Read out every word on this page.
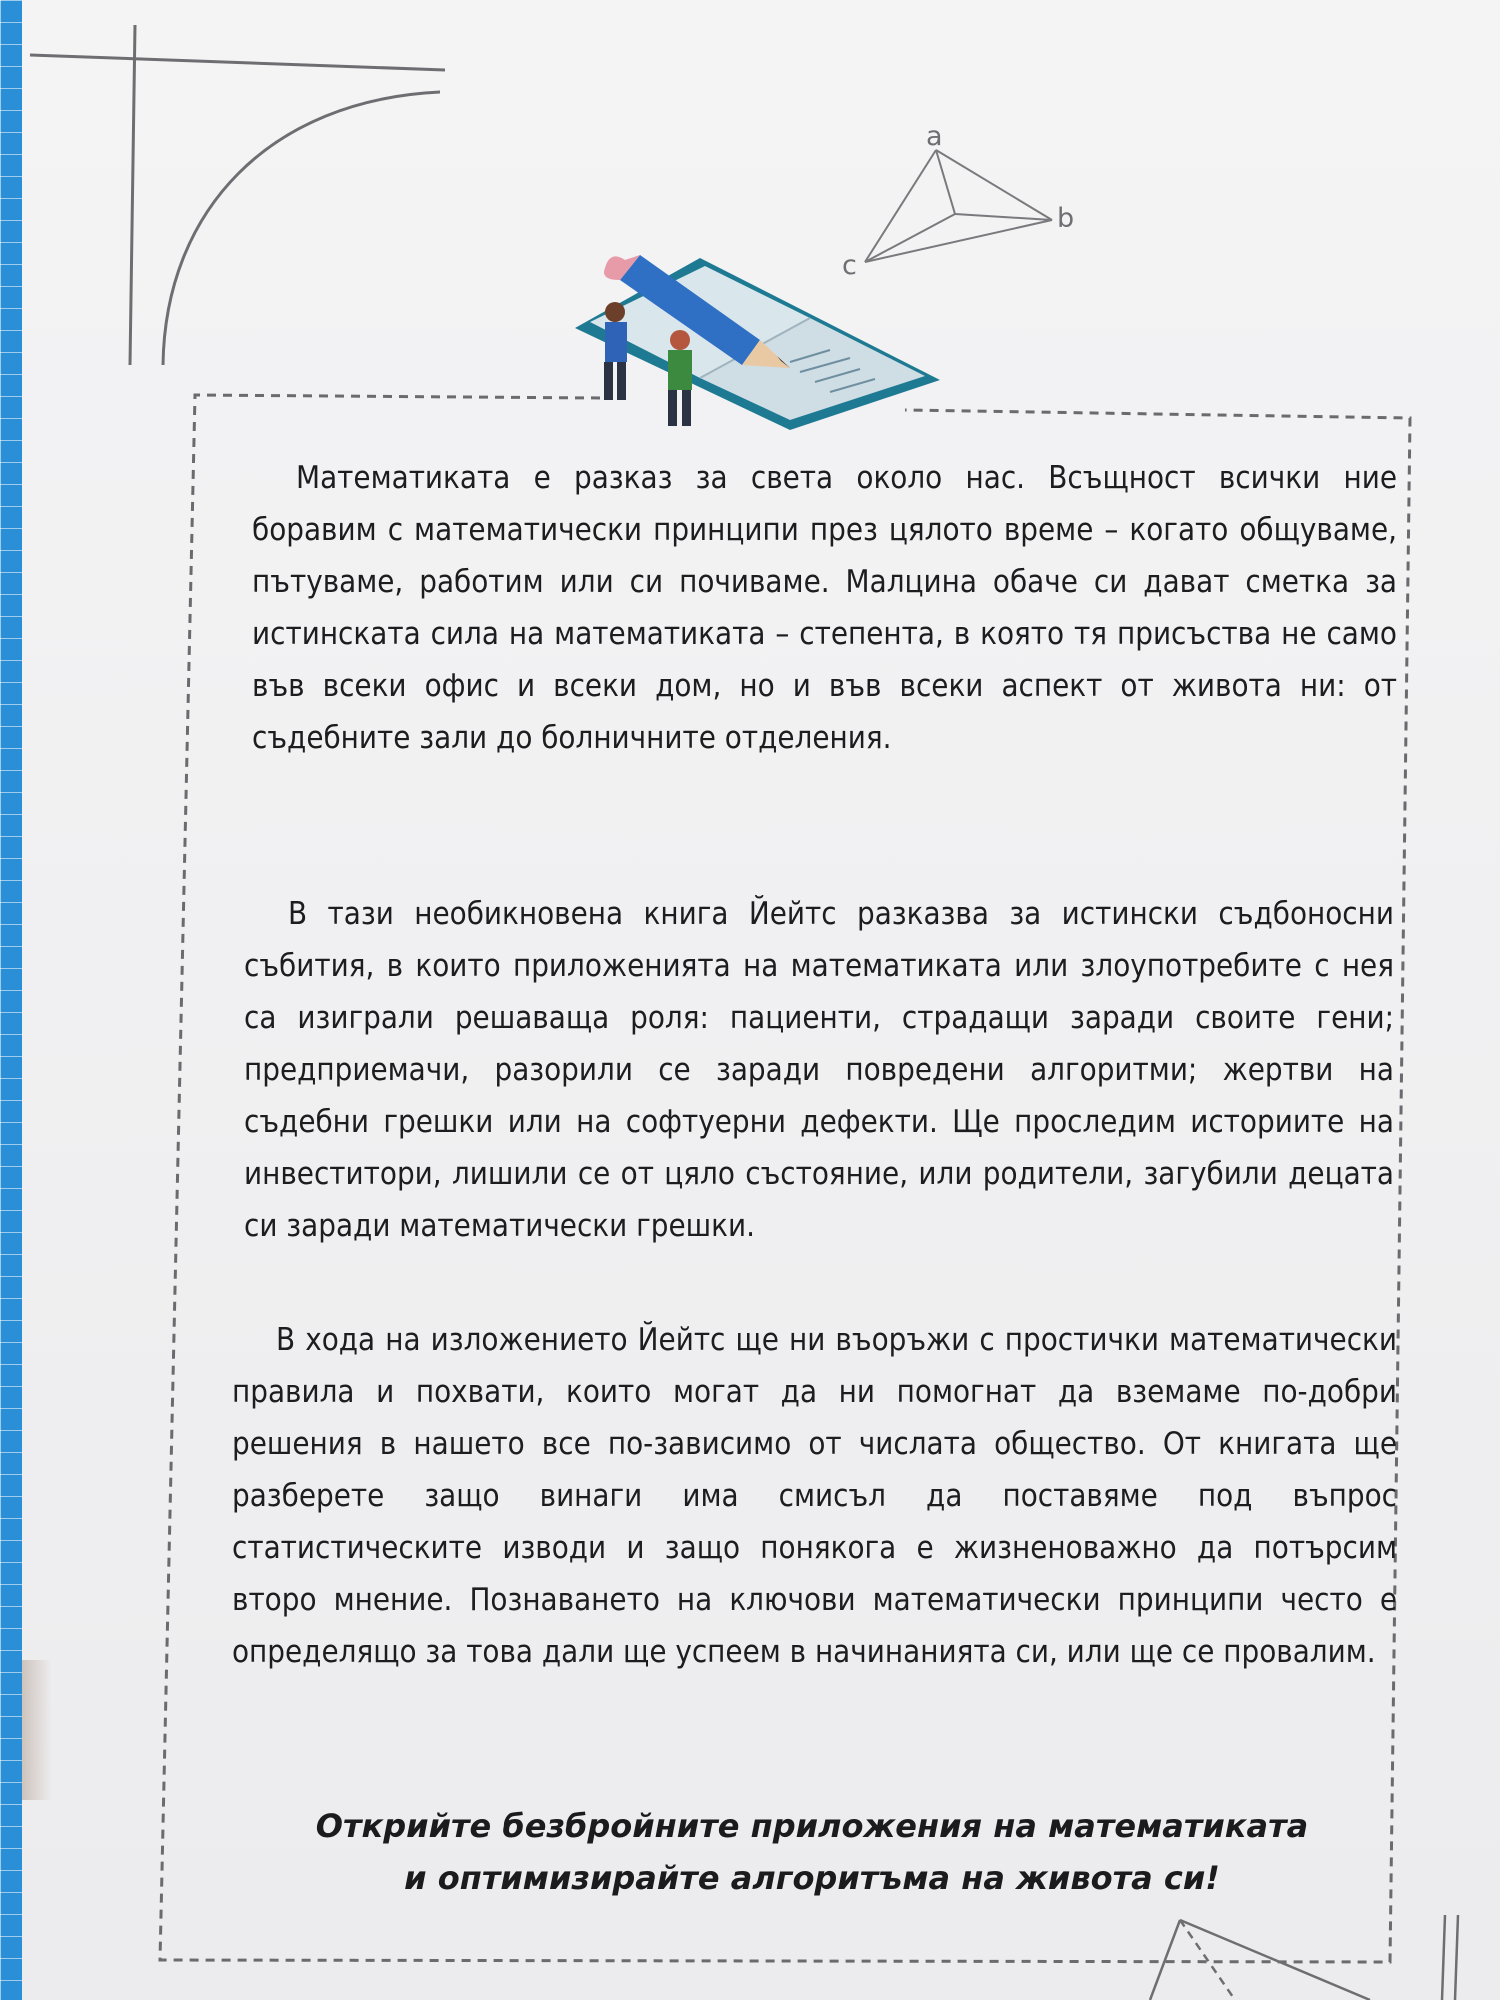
a
b
c

Математиката е разказ за света около нас. Всъщност всички ние боравим с математически принципи през цялото време – когато общуваме, пътуваме, работим или си почиваме. Малцина обаче си дават сметка за истинската сила на математиката – степента, в която тя присъства не само във всеки офис и всеки дом, но и във всеки аспект от живота ни: от съдебните зали до болничните отделения.

В тази необикновена книга Йейтс разказва за истински съдбоносни събития, в които приложенията на математиката или злоупотребите с нея са изиграли решаваща роля: пациенти, страдащи заради своите гени; предприемачи, разорили се заради повредени алгоритми; жертви на съдебни грешки или на софтуерни дефекти. Ще проследим историите на инвеститори, лишили се от цяло състояние, или родители, загубили децата си заради математически грешки.

В хода на изложението Йейтс ще ни въоръжи с простички математически правила и похвати, които могат да ни помогнат да вземаме по-добри решения в нашето все по-зависимо от числата общество. От книгата ще разберете защо винаги има смисъл да поставяме под въпрос статистическите изводи и защо понякога е жизненоважно да потърсим второ мнение. Познаването на ключови математически принципи често е определящо за това дали ще успеем в начинанията си, или ще се провалим.

Открийте безбройните приложения на математиката
и оптимизирайте алгоритъма на живота си!
